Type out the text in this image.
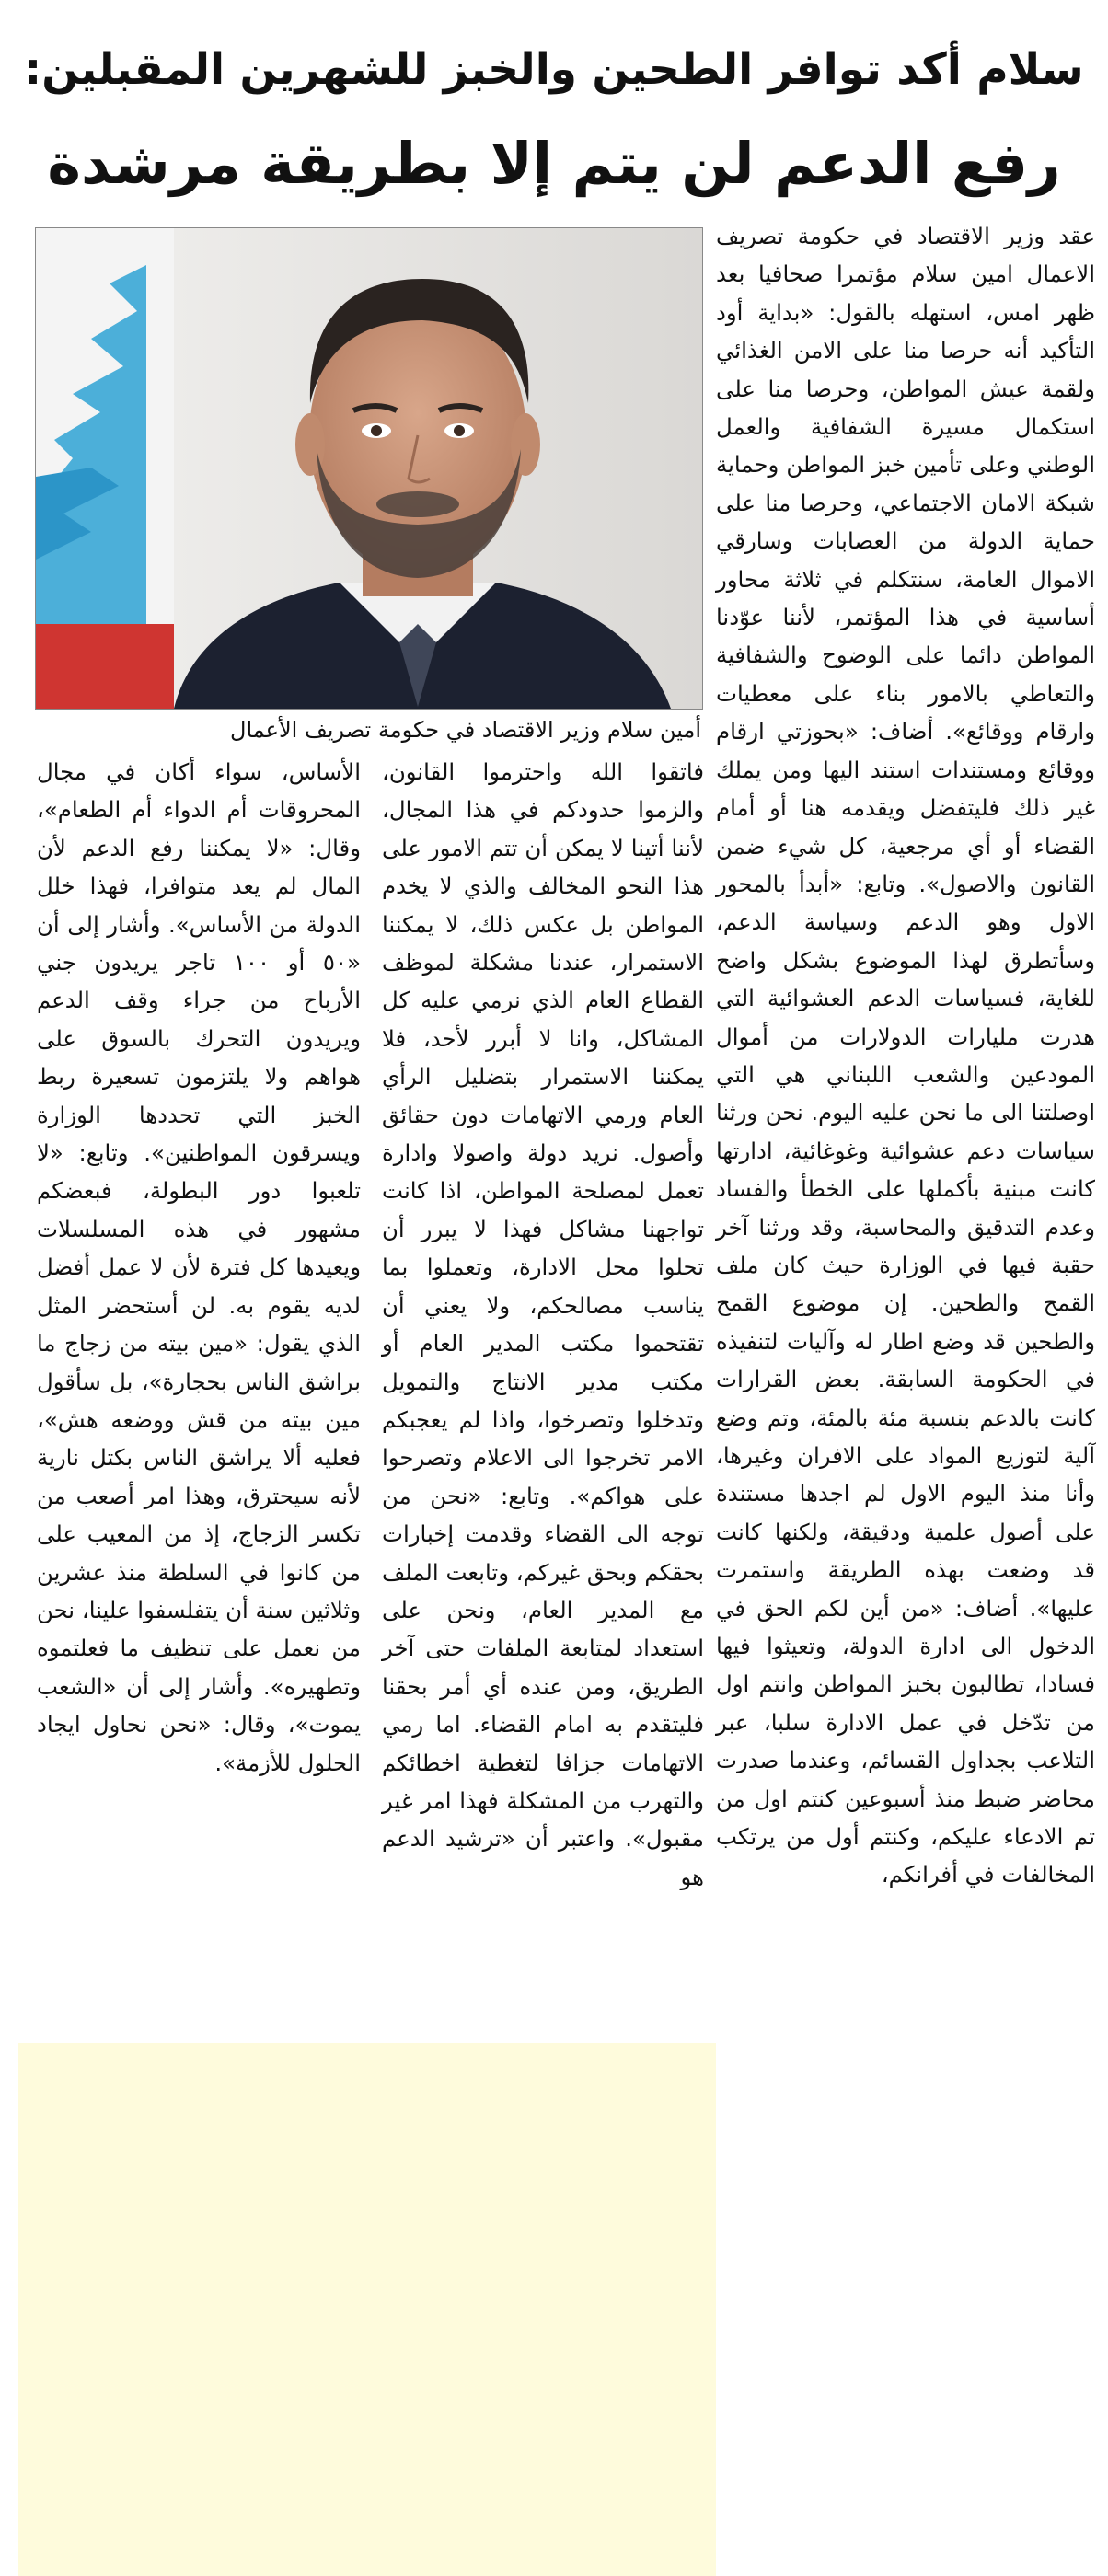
سلام أكد توافر الطحين والخبز للشهرين المقبلين:
رفع الدعم لن يتم إلا بطريقة مرشدة

عقد وزير الاقتصاد في حكومة تصريف الاعمال امين سلام مؤتمرا صحافيا بعد ظهر امس، استهله بالقول: «بداية أود التأكيد أنه حرصا منا على الامن الغذائي ولقمة عيش المواطن، وحرصا منا على استكمال مسيرة الشفافية والعمل الوطني وعلى تأمين خبز المواطن وحماية شبكة الامان الاجتماعي، وحرصا منا على حماية الدولة من العصابات وسارقي الاموال العامة، سنتكلم في ثلاثة محاور أساسية في هذا المؤتمر، لأننا عوّدنا المواطن دائما على الوضوح والشفافية والتعاطي بالامور بناء على معطيات وارقام ووقائع». أضاف: «بحوزتي ارقام ووقائع ومستندات استند اليها ومن يملك غير ذلك فليتفضل ويقدمه هنا أو أمام القضاء أو أي مرجعية، كل شيء ضمن القانون والاصول». وتابع: «أبدأ بالمحور الاول وهو الدعم وسياسة الدعم، وسأتطرق لهذا الموضوع بشكل واضح للغاية، فسياسات الدعم العشوائية التي هدرت مليارات الدولارات من أموال المودعين والشعب اللبناني هي التي اوصلتنا الى ما نحن عليه اليوم. نحن ورثنا سياسات دعم عشوائية وغوغائية، ادارتها كانت مبنية بأكملها على الخطأ والفساد وعدم التدقيق والمحاسبة، وقد ورثنا آخر حقبة فيها في الوزارة حيث كان ملف القمح والطحين. إن موضوع القمح والطحين قد وضع اطار له وآليات لتنفيذه في الحكومة السابقة. بعض القرارات كانت بالدعم بنسبة مئة بالمئة، وتم وضع آلية لتوزيع المواد على الافران وغيرها، وأنا منذ اليوم الاول لم اجدها مستندة على أصول علمية ودقيقة، ولكنها كانت قد وضعت بهذه الطريقة واستمرت عليها». أضاف: «من أين لكم الحق في الدخول الى ادارة الدولة، وتعيثوا فيها فسادا، تطالبون بخبز المواطن وانتم اول من تدّخل في عمل الادارة سلبا، عبر التلاعب بجداول القسائم، وعندما صدرت محاضر ضبط منذ أسبوعين كنتم اول من تم الادعاء عليكم، وكنتم أول من يرتكب المخالفات في أفرانكم،

أمين سلام وزير الاقتصاد في حكومة تصريف الأعمال

فاتقوا الله واحترموا القانون، والزموا حدودكم في هذا المجال، لأننا أتينا لا يمكن أن تتم الامور على هذا النحو المخالف والذي لا يخدم المواطن بل عكس ذلك، لا يمكننا الاستمرار، عندنا مشكلة لموظف القطاع العام الذي نرمي عليه كل المشاكل، وانا لا أبرر لأحد، فلا يمكننا الاستمرار بتضليل الرأي العام ورمي الاتهامات دون حقائق وأصول. نريد دولة واصولا وادارة تعمل لمصلحة المواطن، اذا كانت تواجهنا مشاكل فهذا لا يبرر أن تحلوا محل الادارة، وتعملوا بما يناسب مصالحكم، ولا يعني أن تقتحموا مكتب المدير العام أو مكتب مدير الانتاج والتمويل وتدخلوا وتصرخوا، واذا لم يعجبكم الامر تخرجوا الى الاعلام وتصرحوا على هواكم». وتابع: «نحن من توجه الى القضاء وقدمت إخبارات بحقكم وبحق غيركم، وتابعت الملف مع المدير العام، ونحن على استعداد لمتابعة الملفات حتى آخر الطريق، ومن عنده أي أمر بحقنا فليتقدم به امام القضاء. اما رمي الاتهامات جزافا لتغطية اخطائكم والتهرب من المشكلة فهذا امر غير مقبول». واعتبر أن «ترشيد الدعم هو

الأساس، سواء أكان في مجال المحروقات أم الدواء أم الطعام»، وقال: «لا يمكننا رفع الدعم لأن المال لم يعد متوافرا، فهذا خلل الدولة من الأساس». وأشار إلى أن «٥٠ أو ١٠٠ تاجر يريدون جني الأرباح من جراء وقف الدعم ويريدون التحرك بالسوق على هواهم ولا يلتزمون تسعيرة ربط الخبز التي تحددها الوزارة ويسرقون المواطنين». وتابع: «لا تلعبوا دور البطولة، فبعضكم مشهور في هذه المسلسلات ويعيدها كل فترة لأن لا عمل أفضل لديه يقوم به. لن أستحضر المثل الذي يقول: «مين بيته من زجاج ما براشق الناس بحجارة»، بل سأقول مين بيته من قش ووضعه هش»، فعليه ألا يراشق الناس بكتل نارية لأنه سيحترق، وهذا امر أصعب من تكسر الزجاج، إذ من المعيب على من كانوا في السلطة منذ عشرين وثلاثين سنة أن يتفلسفوا علينا، نحن من نعمل على تنظيف ما فعلتموه وتطهيره». وأشار إلى أن «الشعب يموت»، وقال: «نحن نحاول ايجاد الحلول للأزمة».
